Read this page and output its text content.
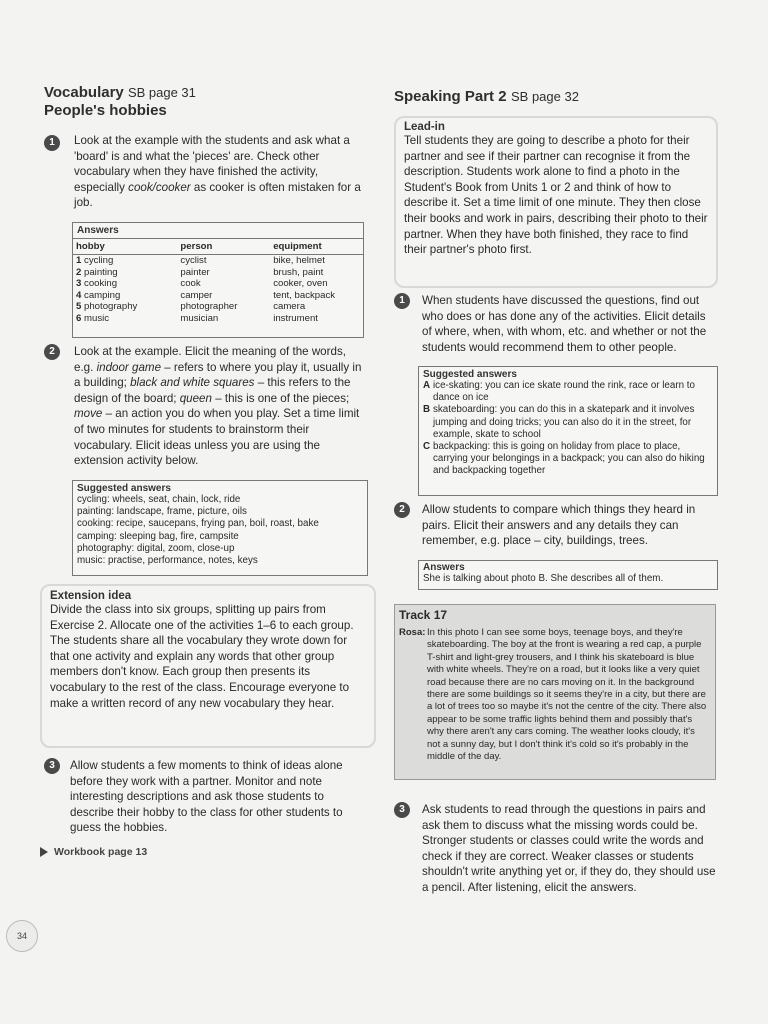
Vocabulary SB page 31
People's hobbies
1	Look at the example with the students and ask what a 'board' is and what the 'pieces' are. Check other vocabulary when they have finished the activity, especially cook/cooker as cooker is often mistaken for a job.

Answers
hobby	person	equipment
1 cycling	cyclist	bike, helmet
2 painting	painter	brush, paint
3 cooking	cook	cooker, oven
4 camping	camper	tent, backpack
5 photography	photographer	camera
6 music	musician	instrument
2	Look at the example. Elicit the meaning of the words, e.g. indoor game – refers to where you play it, usually in a building; black and white squares – this refers to the design of the board; queen – this is one of the pieces; move – an action you do when you play. Set a time limit of two minutes for students to brainstorm their vocabulary. Elicit ideas unless you are using the extension activity below.

Suggested answers
cycling: wheels, seat, chain, lock, ride
painting: landscape, frame, picture, oils
cooking: recipe, saucepans, frying pan, boil, roast, bake
camping: sleeping bag, fire, campsite
photography: digital, zoom, close-up
music: practise, performance, notes, keys
Extension idea

Divide the class into six groups, splitting up pairs from Exercise 2. Allocate one of the activities 1–6 to each group. The students share all the vocabulary they wrote down for that one activity and explain any words that other group members don't know. Each group then presents its vocabulary to the rest of the class. Encourage everyone to make a written record of any new vocabulary they hear.

3	Allow students a few moments to think of ideas alone before they work with a partner. Monitor and note interesting descriptions and ask those students to describe their hobby to the class for other students to guess the hobbies.

Workbook page 13
34
Speaking Part 2 SB page 32
Lead-in

Tell students they are going to describe a photo for their partner and see if their partner can recognise it from the description. Students work alone to find a photo in the Student's Book from Units 1 or 2 and think of how to describe it. Set a time limit of one minute. They then close their books and work in pairs, describing their photo to their partner. When they have both finished, they race to find their partner's photo first.

1	When students have discussed the questions, find out who does or has done any of the activities. Elicit details of where, when, with whom, etc. and whether or not the students would recommend them to other people.

Suggested answers
A ice-skating: you can ice skate round the rink, race or learn to dance on ice
B skateboarding: you can do this in a skatepark and it involves jumping and doing tricks; you can also do it in the street, for example, skate to school
C backpacking: this is going on holiday from place to place, carrying your belongings in a backpack; you can also do hiking and backpacking together
2	Allow students to compare which things they heard in pairs. Elicit their answers and any details they can remember, e.g. place – city, buildings, trees.

Answers
She is talking about photo B. She describes all of them.
Track 17
Rosa: In this photo I can see some boys, teenage boys, and they're skateboarding. The boy at the front is wearing a red cap, a purple T-shirt and light-grey trousers, and I think his skateboard is blue with white wheels. They're on a road, but it looks like a very quiet road because there are no cars moving on it. In the background there are some buildings so it seems they're in a city, but there are a lot of trees too so maybe it's not the centre of the city. There also appear to be some traffic lights behind them and possibly that's why there aren't any cars coming. The weather looks cloudy, it's not a sunny day, but I don't think it's cold so it's probably in the middle of the day.
3	Ask students to read through the questions in pairs and ask them to discuss what the missing words could be. Stronger students or classes could write the words and check if they are correct. Weaker classes or students shouldn't write anything yet or, if they do, they should use a pencil. After listening, elicit the answers.
